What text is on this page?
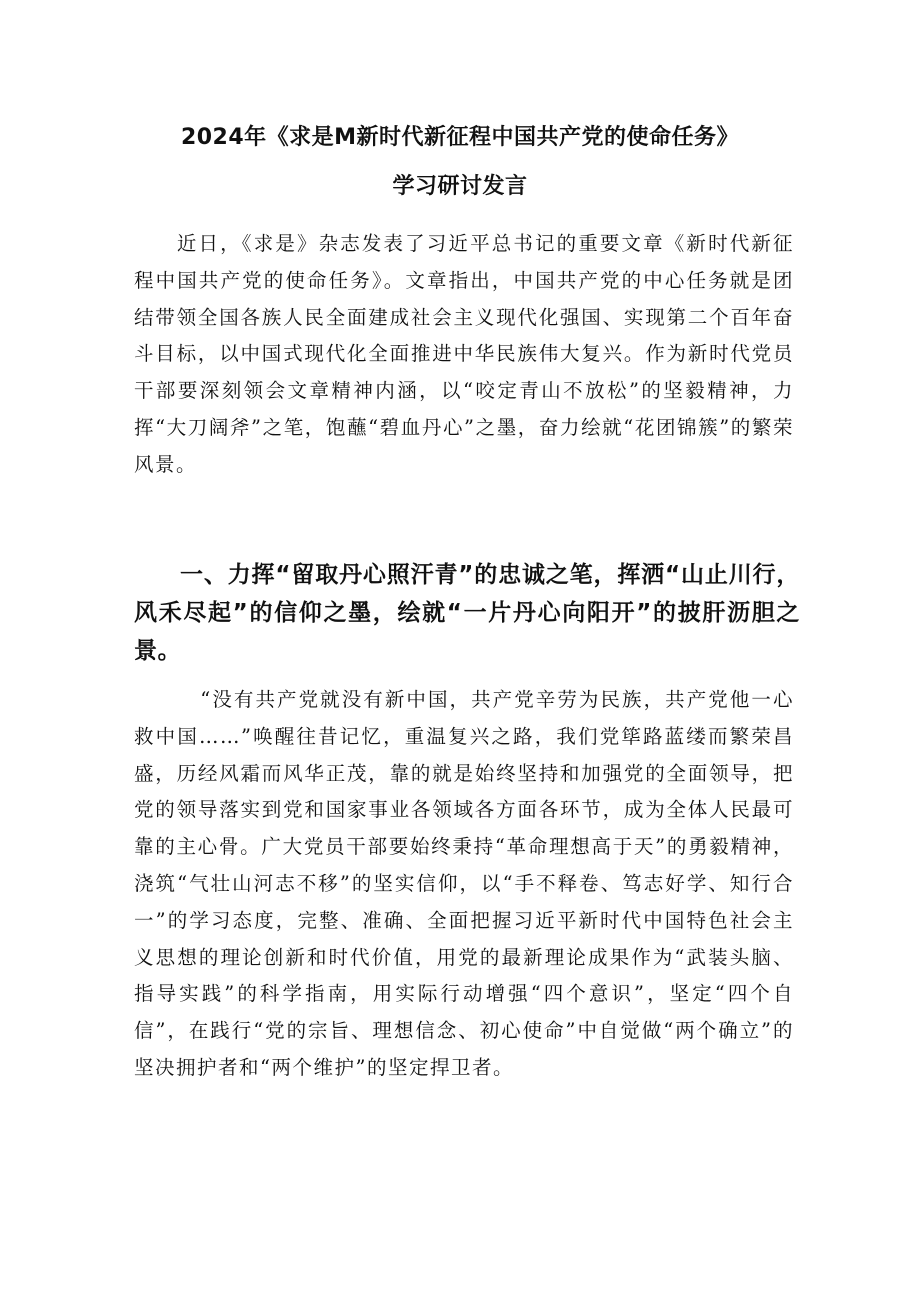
2024年《求是M新时代新征程中国共产党的使命任务》
学习研讨发言

近日，《求是》杂志发表了习近平总书记的重要文章《新时代新征程中国共产党的使命任务》。文章指出，中国共产党的中心任务就是团结带领全国各族人民全面建成社会主义现代化强国、实现第二个百年奋斗目标，以中国式现代化全面推进中华民族伟大复兴。作为新时代党员干部要深刻领会文章精神内涵，以“咬定青山不放松”的坚毅精神，力挥“大刀阔斧”之笔，饱蘸“碧血丹心”之墨，奋力绘就“花团锦簇”的繁荣风景。

一、力挥“留取丹心照汗青”的忠诚之笔，挥洒“山止川行，风禾尽起”的信仰之墨，绘就“一片丹心向阳开”的披肝沥胆之景。

“没有共产党就没有新中国，共产党辛劳为民族，共产党他一心救中国……”唤醒往昔记忆，重温复兴之路，我们党筚路蓝缕而繁荣昌盛，历经风霜而风华正茂，靠的就是始终坚持和加强党的全面领导，把党的领导落实到党和国家事业各领域各方面各环节，成为全体人民最可靠的主心骨。广大党员干部要始终秉持“革命理想高于天”的勇毅精神，浇筑“气壮山河志不移”的坚实信仰，以“手不释卷、笃志好学、知行合一”的学习态度，完整、准确、全面把握习近平新时代中国特色社会主义思想的理论创新和时代价值，用党的最新理论成果作为“武装头脑、指导实践”的科学指南，用实际行动增强“四个意识”，坚定“四个自信”，在践行“党的宗旨、理想信念、初心使命”中自觉做“两个确立”的坚决拥护者和“两个维护”的坚定捍卫者。
